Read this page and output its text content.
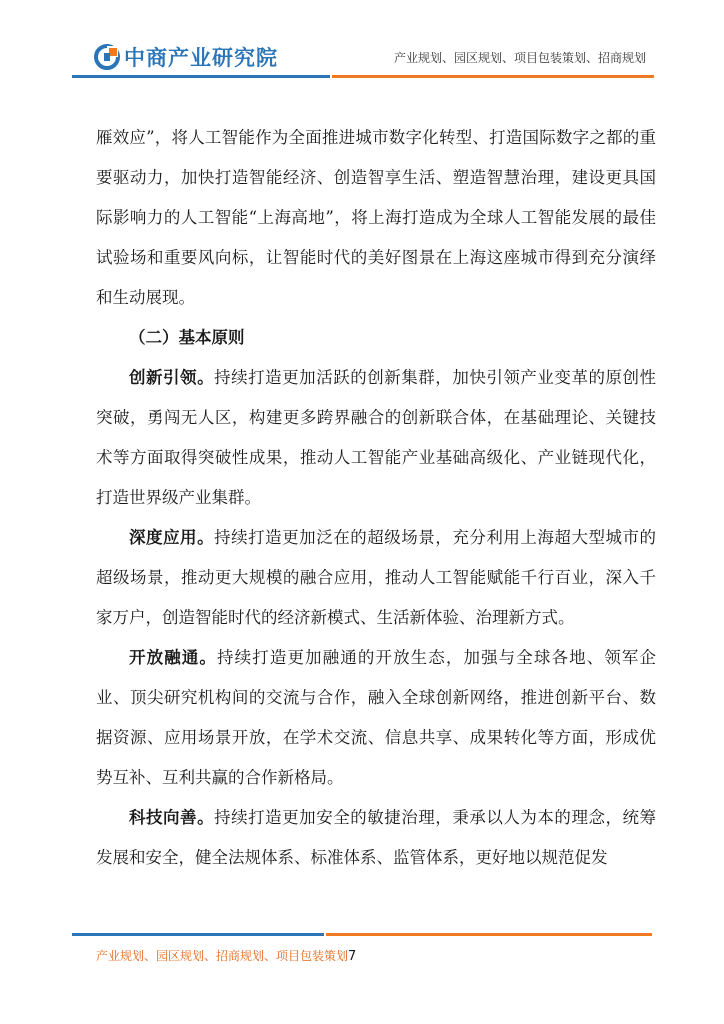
中商产业研究院	产业规划、园区规划、项目包装策划、招商规划

雁效应”，将人工智能作为全面推进城市数字化转型、打造国际数字之都的重要驱动力，加快打造智能经济、创造智享生活、塑造智慧治理，建设更具国际影响力的人工智能“上海高地”，将上海打造成为全球人工智能发展的最佳试验场和重要风向标，让智能时代的美好图景在上海这座城市得到充分演绎和生动展现。

（二）基本原则

创新引领。持续打造更加活跃的创新集群，加快引领产业变革的原创性突破，勇闯无人区，构建更多跨界融合的创新联合体，在基础理论、关键技术等方面取得突破性成果，推动人工智能产业基础高级化、产业链现代化，打造世界级产业集群。

深度应用。持续打造更加泛在的超级场景，充分利用上海超大型城市的超级场景，推动更大规模的融合应用，推动人工智能赋能千行百业，深入千家万户，创造智能时代的经济新模式、生活新体验、治理新方式。

开放融通。持续打造更加融通的开放生态，加强与全球各地、领军企业、顶尖研究机构间的交流与合作，融入全球创新网络，推进创新平台、数据资源、应用场景开放，在学术交流、信息共享、成果转化等方面，形成优势互补、互利共赢的合作新格局。

科技向善。持续打造更加安全的敏捷治理，秉承以人为本的理念，统筹发展和安全，健全法规体系、标准体系、监管体系，更好地以规范促发

产业规划、园区规划、招商规划、项目包装策划7
